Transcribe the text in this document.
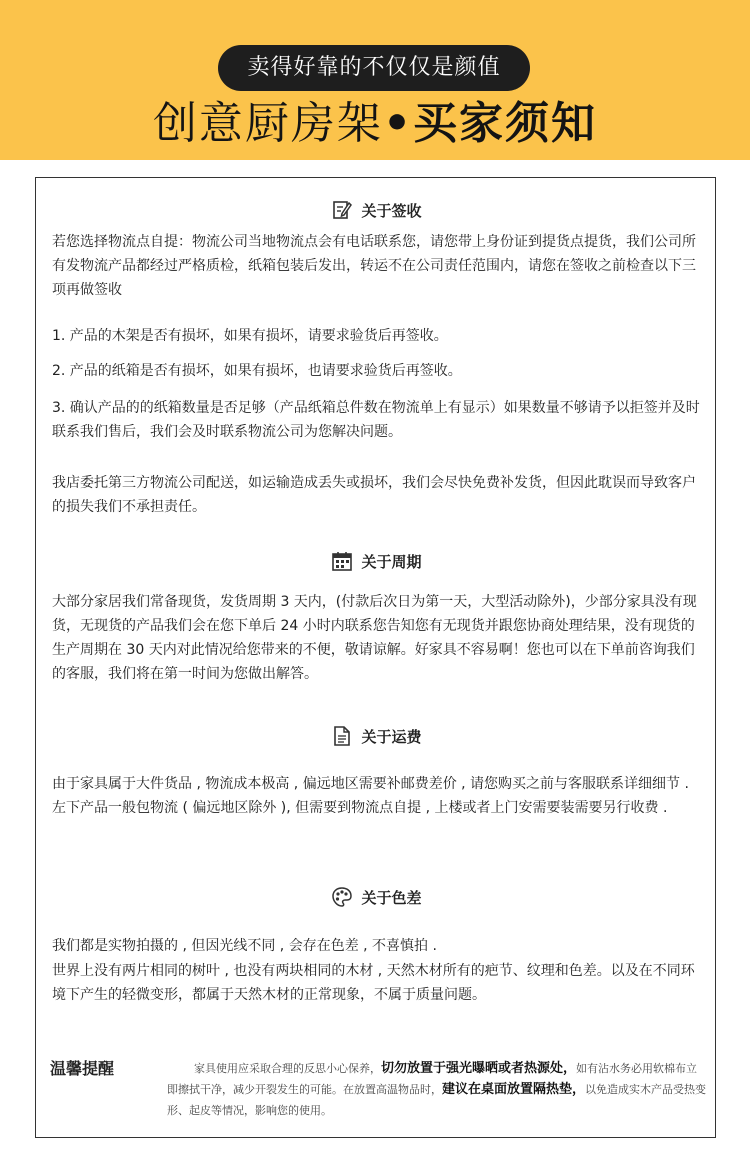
卖得好靠的不仅仅是颜值
创意厨房架•买家须知
关于签收
若您选择物流点自提：物流公司当地物流点会有电话联系您，请您带上身份证到提货点提货，我们公司所有发物流产品都经过严格质检，纸箱包装后发出，转运不在公司责任范围内，请您在签收之前检查以下三项再做签收
1. 产品的木架是否有损坏，如果有损坏，请要求验货后再签收。
2. 产品的纸箱是否有损坏，如果有损坏，也请要求验货后再签收。
3. 确认产品的的纸箱数量是否足够（产品纸箱总件数在物流单上有显示）如果数量不够请予以拒签并及时联系我们售后，我们会及时联系物流公司为您解决问题。
我店委托第三方物流公司配送，如运输造成丢失或损坏，我们会尽快免费补发货，但因此耽误而导致客户的损失我们不承担责任。
关于周期
大部分家居我们常备现货，发货周期 3 天内，(付款后次日为第一天，大型活动除外)，少部分家具没有现货，无现货的产品我们会在您下单后 24 小时内联系您告知您有无现货并跟您协商处理结果，没有现货的生产周期在 30 天内对此情况给您带来的不便，敬请谅解。好家具不容易啊！您也可以在下单前咨询我们的客服，我们将在第一时间为您做出解答。
关于运费
由于家具属于大件货品 , 物流成本极高 , 偏远地区需要补邮费差价 , 请您购买之前与客服联系详细细节 . 左下产品一般包物流 ( 偏远地区除外 ), 但需要到物流点自提 , 上楼或者上门安需要装需要另行收费 .
关于色差
我们都是实物拍摄的 , 但因光线不同 , 会存在色差 , 不喜慎拍 .
世界上没有两片相同的树叶 , 也没有两块相同的木材 , 天然木材所有的疤节、纹理和色差。以及在不同环境下产生的轻微变形，都属于天然木材的正常现象，不属于质量问题。
温馨提醒	家具使用应采取合理的反思小心保养，切勿放置于强光曝晒或者热源处，如有沾水务必用软棉布立即擦拭干净，减少开裂发生的可能。在放置高温物品时，建议在桌面放置隔热垫，以免造成实木产品受热变形、起皮等情况，影响您的使用。
